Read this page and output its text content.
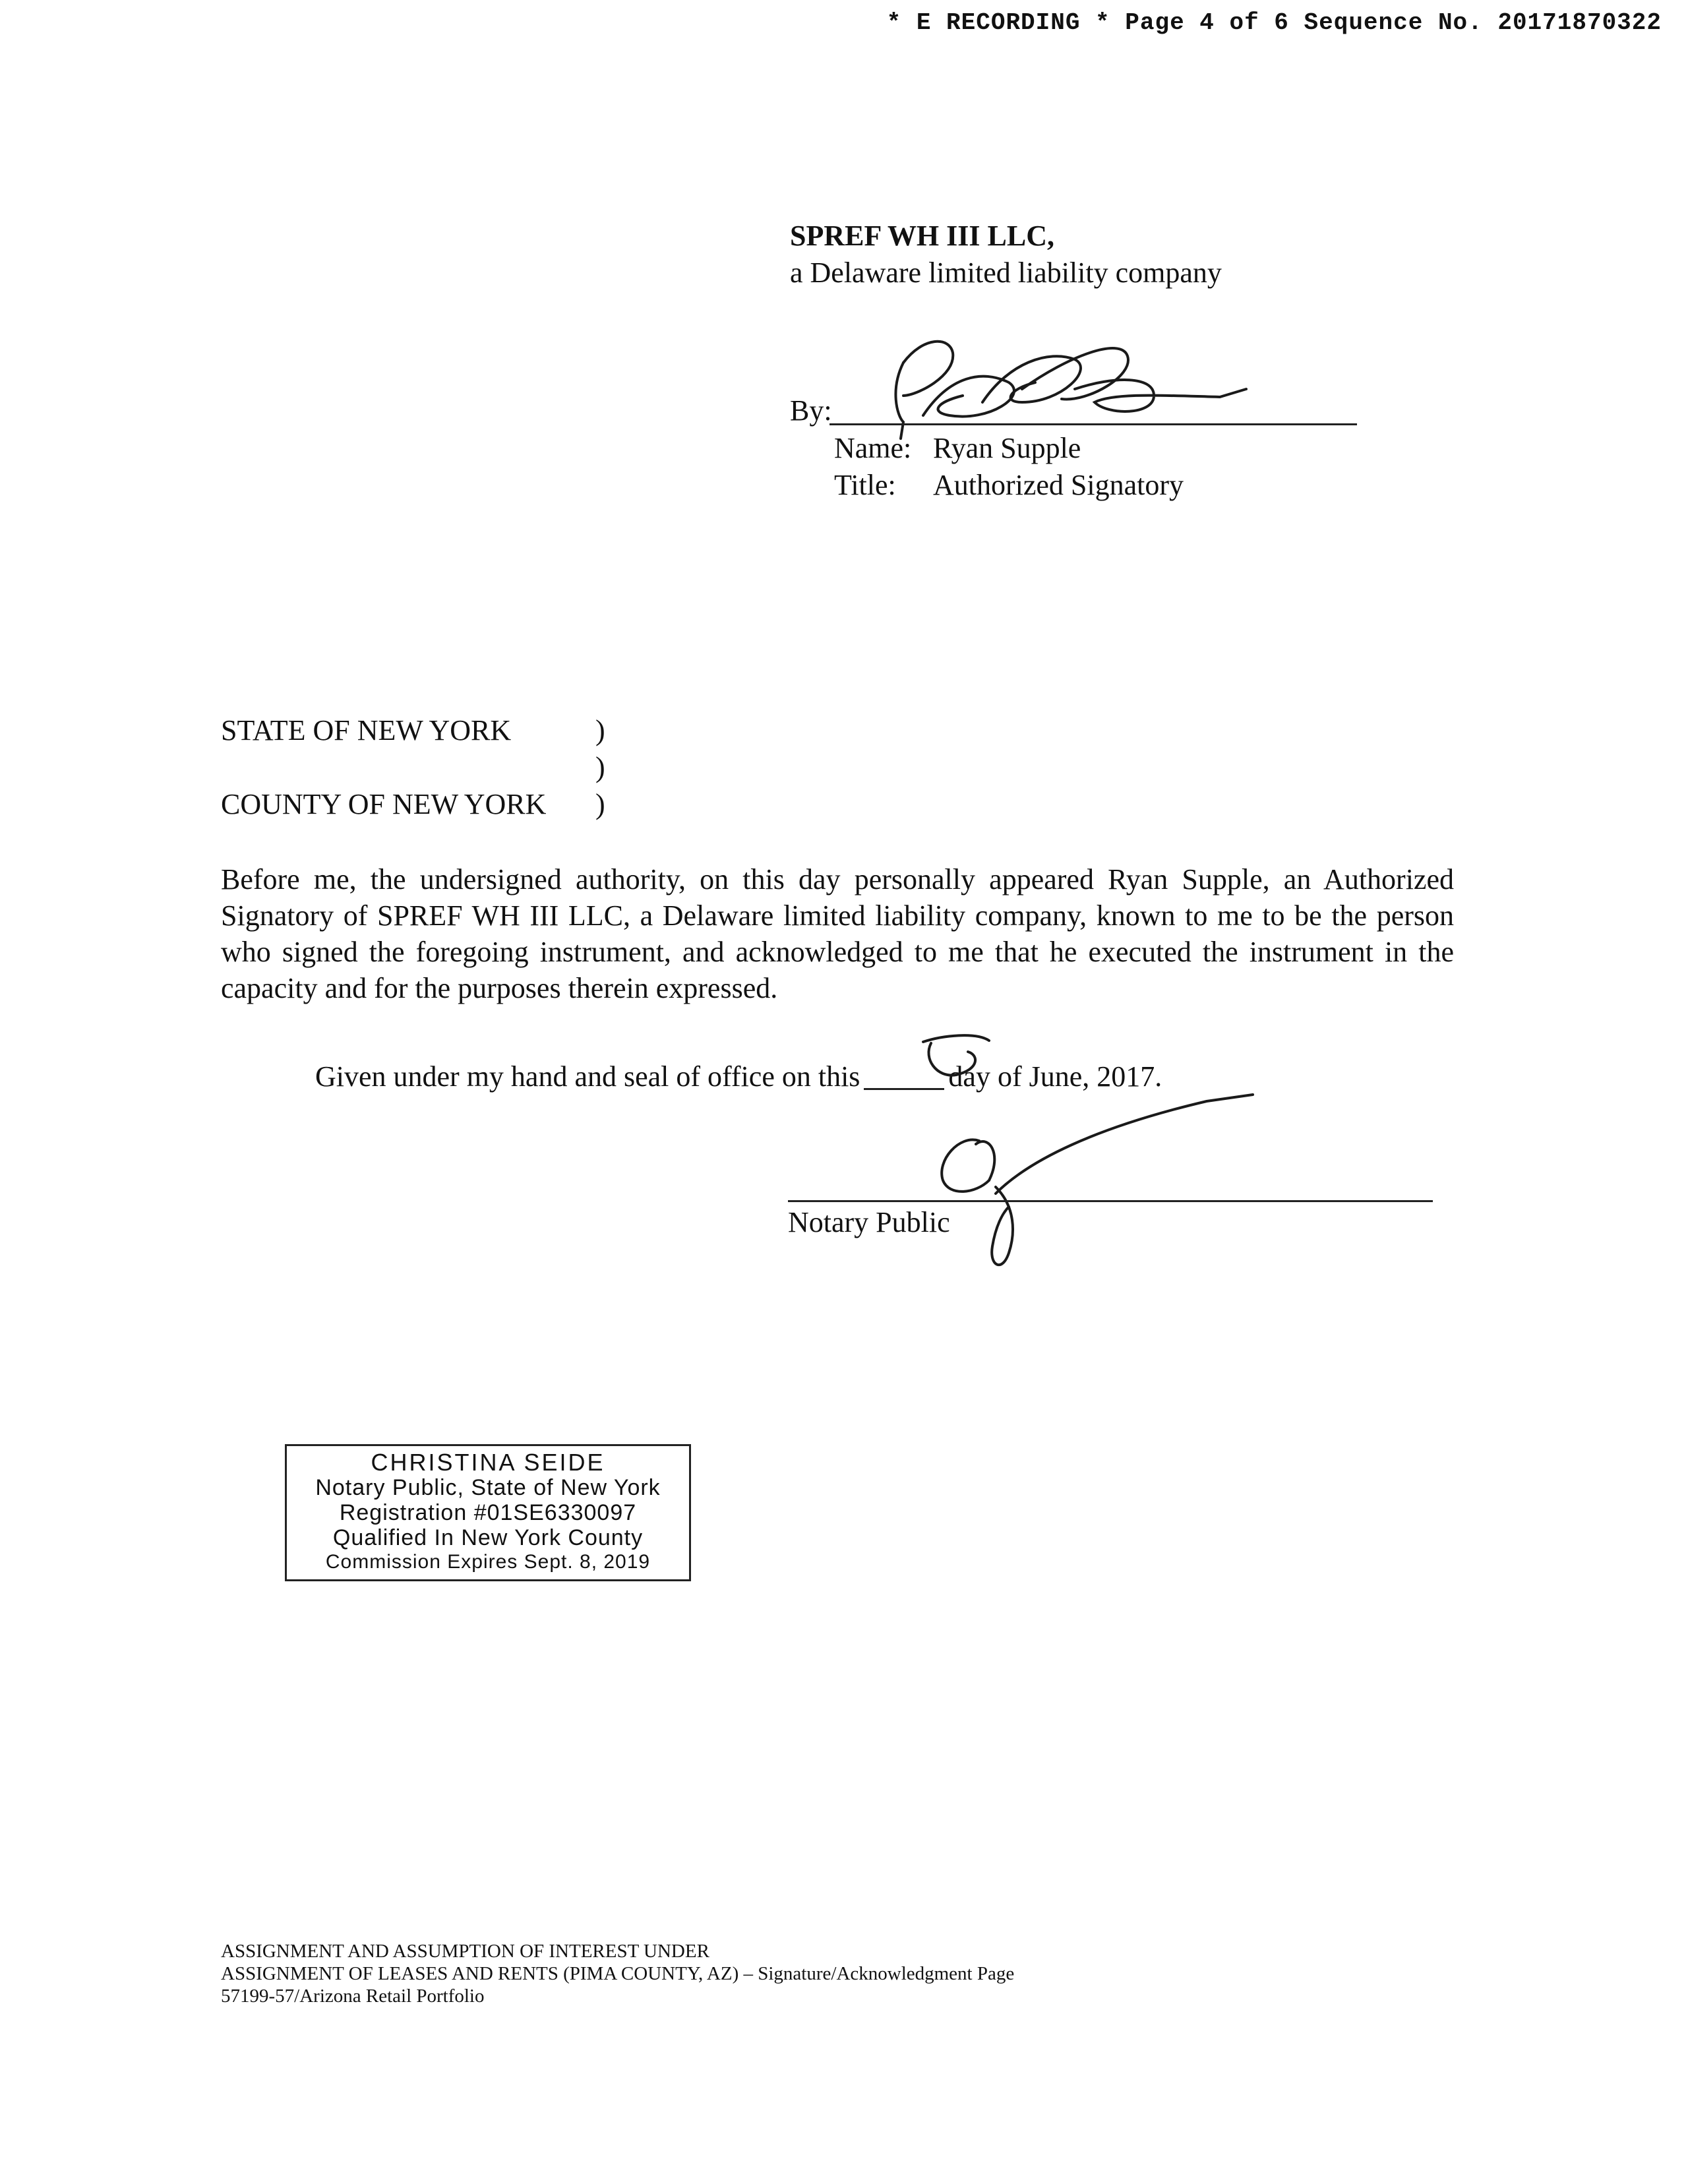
* E RECORDING * Page 4 of 6 Sequence No. 20171870322
SPREF WH III LLC,
a Delaware limited liability company
By:
Name: Ryan Supple
Title: Authorized Signatory
STATE OF NEW YORK	)
)
COUNTY OF NEW YORK	)
Before me, the undersigned authority, on this day personally appeared Ryan Supple, an Authorized Signatory of SPREF WH III LLC, a Delaware limited liability company, known to me to be the person who signed the foregoing instrument, and acknowledged to me that he executed the instrument in the capacity and for the purposes therein expressed.
Given under my hand and seal of office on this	day of June, 2017.
Notary Public
CHRISTINA SEIDE
Notary Public, State of New York
Registration #01SE6330097
Qualified In New York County
Commission Expires Sept. 8, 2019
ASSIGNMENT AND ASSUMPTION OF INTEREST UNDER
ASSIGNMENT OF LEASES AND RENTS (PIMA COUNTY, AZ) – Signature/Acknowledgment Page
57199-57/Arizona Retail Portfolio
